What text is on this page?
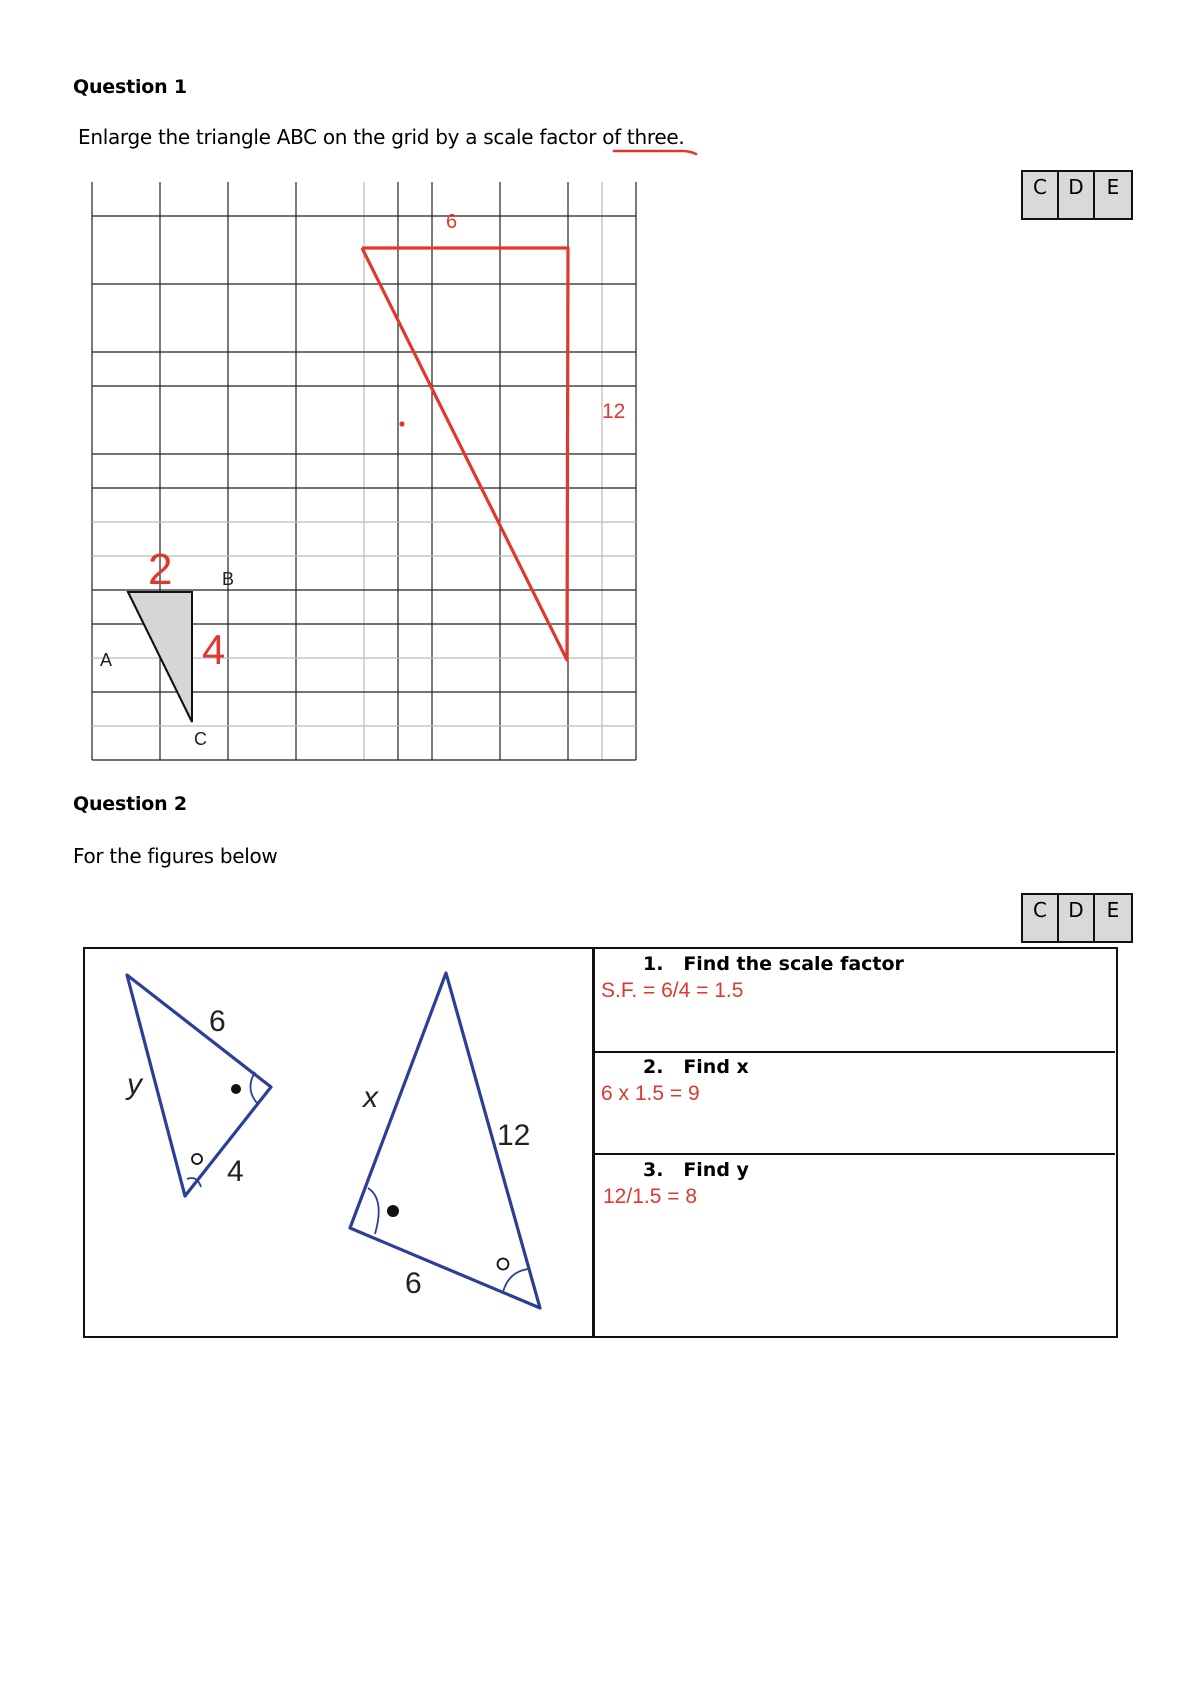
Question 1
Enlarge the triangle ABC on the grid by a scale factor of three.
C	D	E
A
B
C
2
4
6
12
Question 2
For the figures below
C	D	E
6
y
4
x
12
6
1. Find the scale factor
S.F. = 6/4 = 1.5
2. Find x
6 x 1.5 = 9
3. Find y
12/1.5 = 8
